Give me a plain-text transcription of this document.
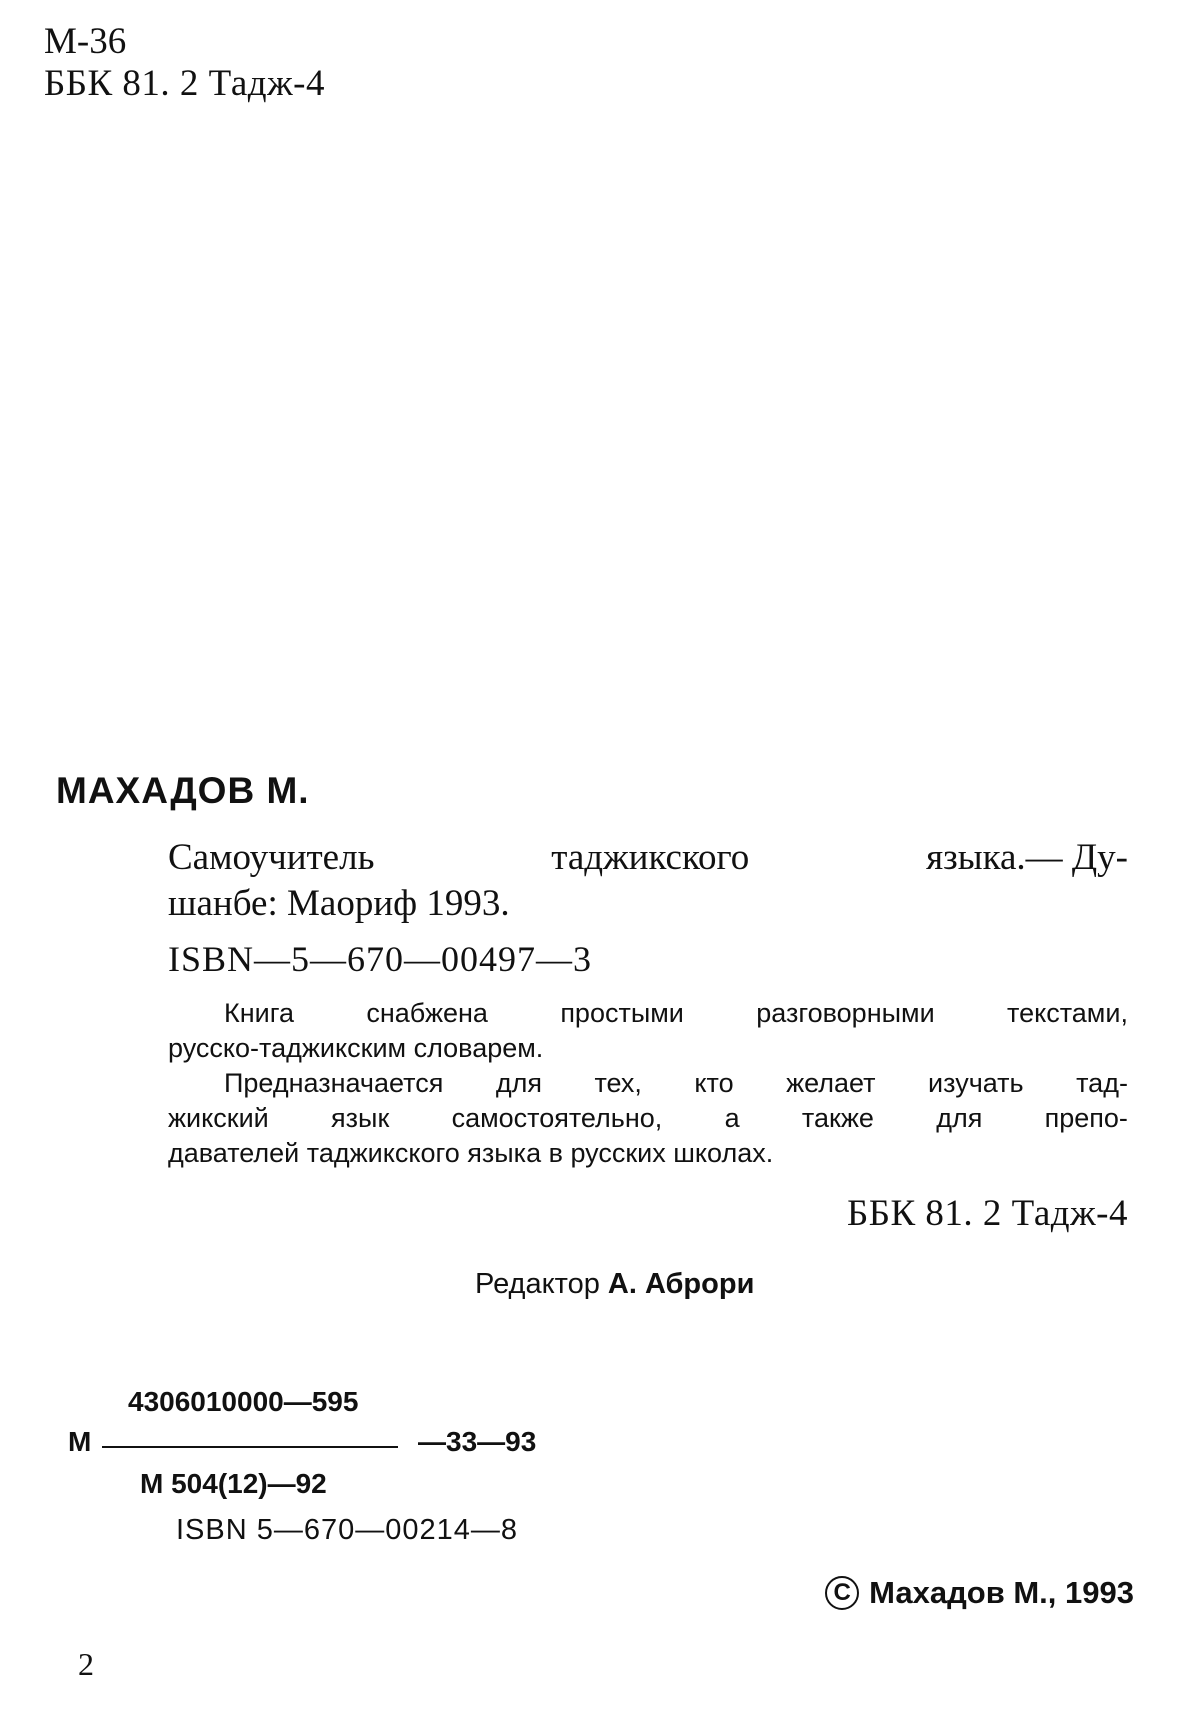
М-36
ББК 81. 2 Тадж-4
МАХАДОВ М.
Самоучитель	таджикского	языка.— Ду-
шанбе: Маориф 1993.
ISBN—5—670—00497—3
Книга	снабжена	простыми	разговорными	текстами,
русско-таджикским словарем.
Предназначается для тех, кто желает изучать тад-
жикский язык самостоятельно, а также для препо-
давателей таджикского языка в русских школах.
ББК 81. 2 Тадж-4
Редактор А. Аброри
4306010000—595
М	—33—93
М 504(12)—92
ISBN 5—670—00214—8
C Махадов М., 1993
2
